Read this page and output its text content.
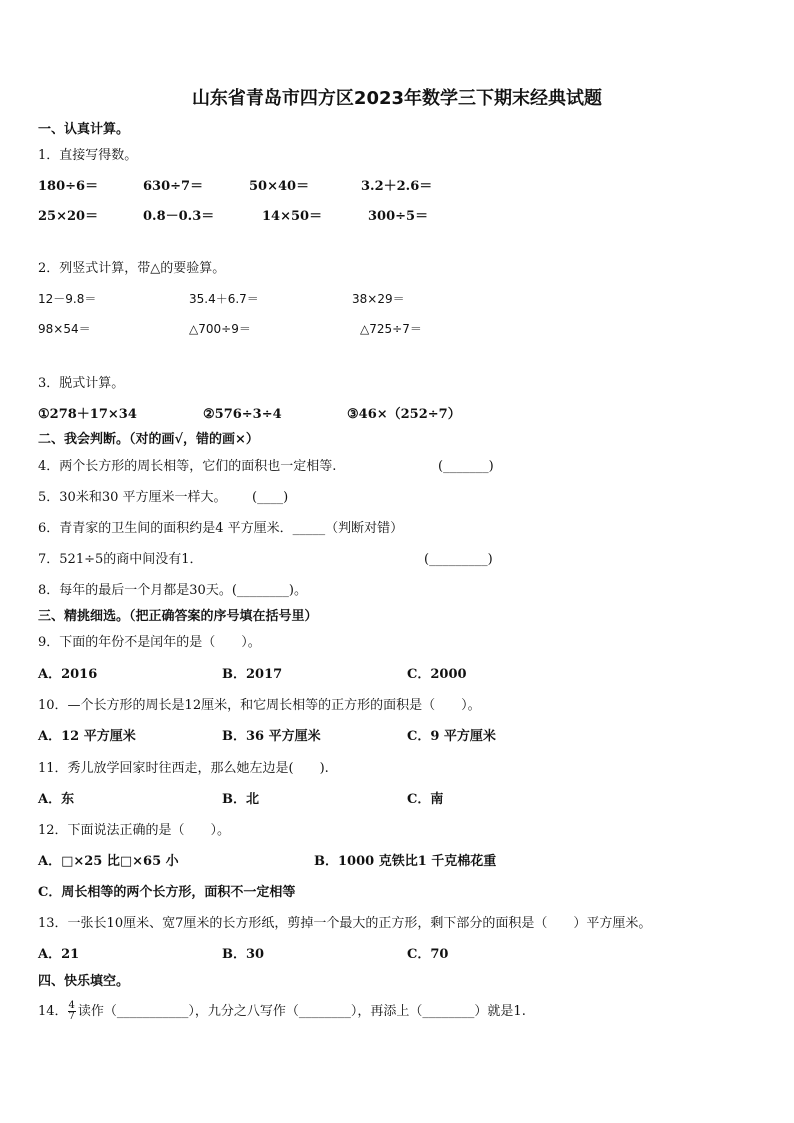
山东省青岛市四方区2023年数学三下期末经典试题
一、认真计算。
1．直接写得数。
180÷6＝	630÷7＝	50×40＝	3.2＋2.6＝
25×20＝	0.8－0.3＝	14×50＝	300÷5＝
2．列竖式计算，带△的要验算。
12－9.8＝	35.4＋6.7＝	38×29＝
98×54＝	△700÷9＝	△725÷7＝
3．脱式计算。
①278＋17×34	②576÷3÷4	③46×（252÷7）
二、我会判断。（对的画√，错的画×）
4．两个长方形的周长相等，它们的面积也一定相等.	(_______)
5．30米和30 平方厘米一样大。 (____)
6．青青家的卫生间的面积约是4 平方厘米．_____（判断对错）
7．521÷5的商中间没有1．	(_________)
8．每年的最后一个月都是30天。(________)。
三、精挑细选。（把正确答案的序号填在括号里）
9．下面的年份不是闰年的是（　　）。
A．2016	B．2017	C．2000
10．—个长方形的周长是12厘米，和它周长相等的正方形的面积是（　　）。
A．12 平方厘米	B．36 平方厘米	C．9 平方厘米
11．秀儿放学回家时往西走，那么她左边是(　　).
A．东	B．北	C．南
12．下面说法正确的是（　　）。
A．□×25 比□×65 小	B．1000 克铁比1 千克棉花重
C．周长相等的两个长方形，面积不一定相等
13．一张长10厘米、宽7厘米的长方形纸，剪掉一个最大的正方形，剩下部分的面积是（　　）平方厘米。
A．21	B．30	C．70
四、快乐填空。
14． $\frac{4}{7}$ 读作（___________），九分之八写作（________），再添上（________）就是1.
